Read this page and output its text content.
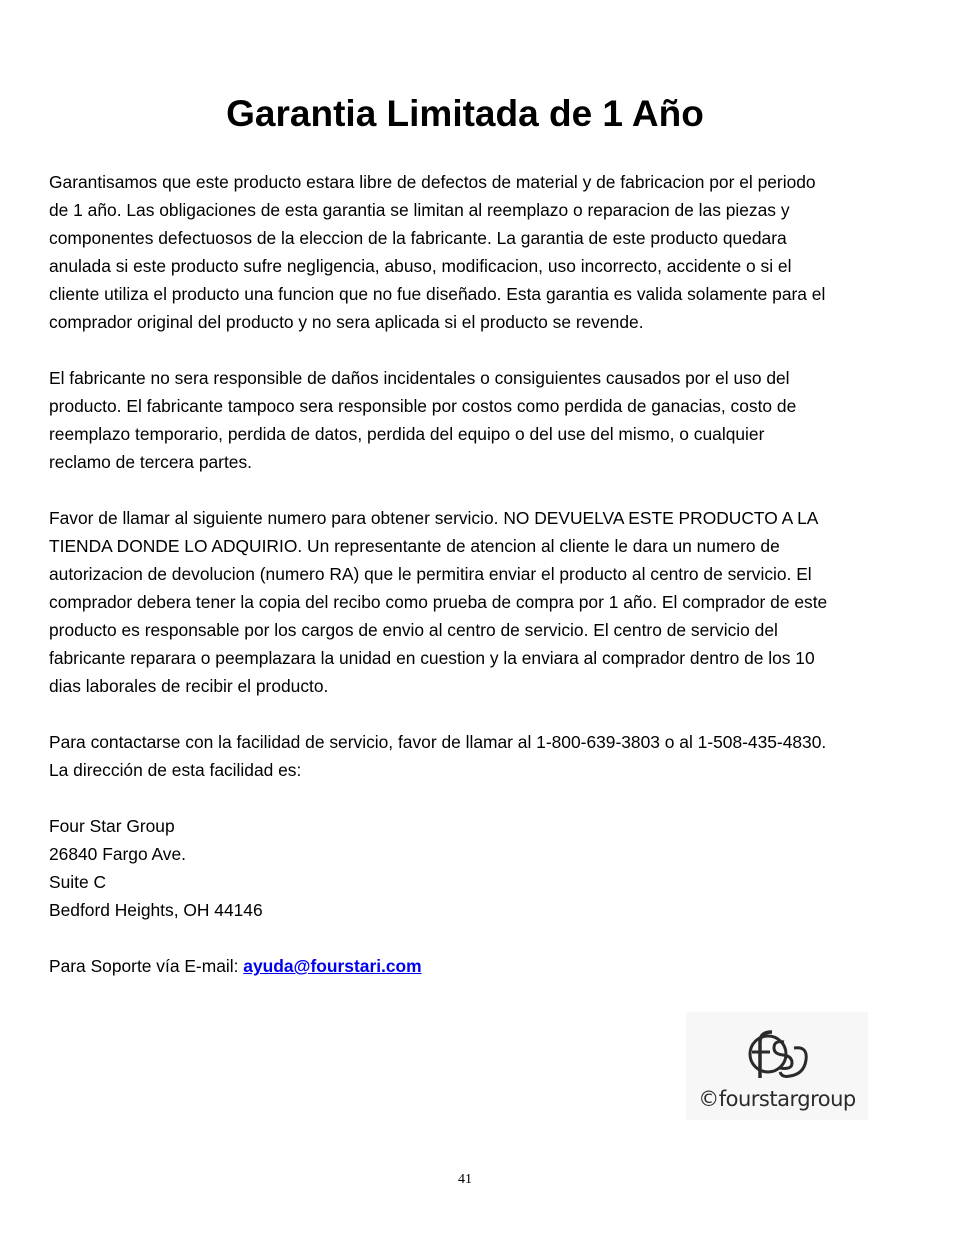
Garantia Limitada de 1 Año

Garantisamos que este producto estara libre de defectos de material y de fabricacion por el periodo
de 1 año. Las obligaciones de esta garantia se limitan al reemplazo o reparacion de las piezas y
componentes defectuosos de la eleccion de la fabricante. La garantia de este producto quedara
anulada si este producto sufre negligencia, abuso, modificacion, uso incorrecto, accidente o si el
cliente utiliza el producto una funcion que no fue diseñado. Esta garantia es valida solamente para el
comprador original del producto y no sera aplicada si el producto se revende.

El fabricante no sera responsible de daños incidentales o consiguientes causados por el uso del
producto. El fabricante tampoco sera responsible por costos como perdida de ganacias, costo de
reemplazo temporario, perdida de datos, perdida del equipo o del use del mismo, o cualquier
reclamo de tercera partes.

Favor de llamar al siguiente numero para obtener servicio. NO DEVUELVA ESTE PRODUCTO A LA
TIENDA DONDE LO ADQUIRIO. Un representante de atencion al cliente le dara un numero de
autorizacion de devolucion (numero RA) que le permitira enviar el producto al centro de servicio. El
comprador debera tener la copia del recibo como prueba de compra por 1 año. El comprador de este
producto es responsable por los cargos de envio al centro de servicio. El centro de servicio del
fabricante reparara o peemplazara la unidad en cuestion y la enviara al comprador dentro de los 10
dias laborales de recibir el producto.

Para contactarse con la facilidad de servicio, favor de llamar al 1-800-639-3803 o al 1-508-435-4830.
La dirección de esta facilidad es:

Four Star Group
26840 Fargo Ave.
Suite C
Bedford Heights, OH 44146

Para Soporte vía E-mail: ayuda@fourstari.com

©fourstargroup
41
